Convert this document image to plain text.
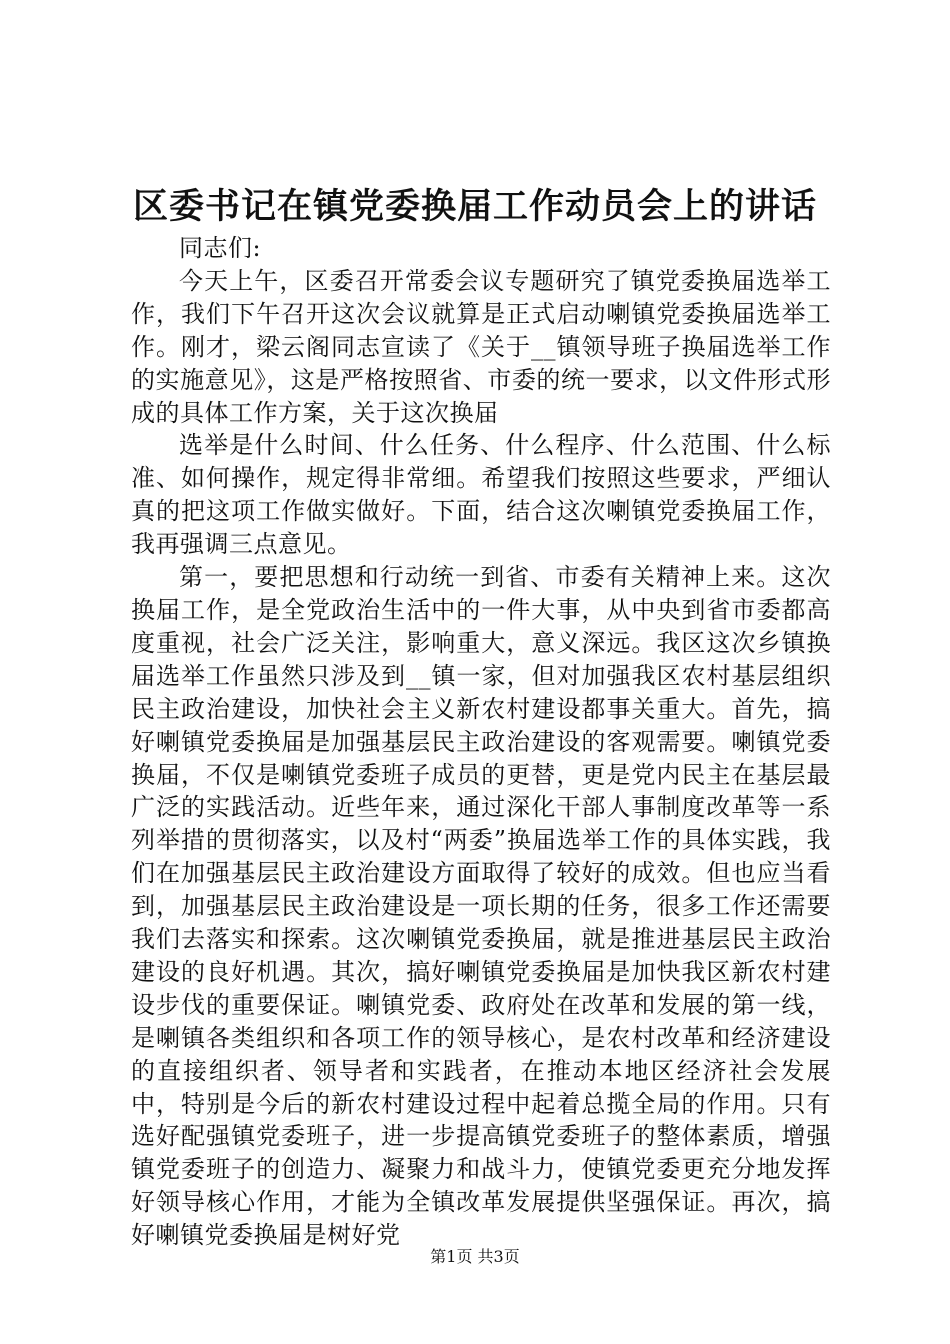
区委书记在镇党委换届工作动员会上的讲话

同志们:

今天上午，区委召开常委会议专题研究了镇党委换届选举工作，我们下午召开这次会议就算是正式启动喇镇党委换届选举工作。刚才，梁云阁同志宣读了《关于__镇领导班子换届选举工作的实施意见》，这是严格按照省、市委的统一要求，以文件形式形成的具体工作方案，关于这次换届

选举是什么时间、什么任务、什么程序、什么范围、什么标准、如何操作，规定得非常细。希望我们按照这些要求，严细认真的把这项工作做实做好。下面，结合这次喇镇党委换届工作，我再强调三点意见。

第一，要把思想和行动统一到省、市委有关精神上来。这次换届工作，是全党政治生活中的一件大事，从中央到省市委都高度重视，社会广泛关注，影响重大，意义深远。我区这次乡镇换届选举工作虽然只涉及到__镇一家，但对加强我区农村基层组织民主政治建设，加快社会主义新农村建设都事关重大。首先，搞好喇镇党委换届是加强基层民主政治建设的客观需要。喇镇党委换届，不仅是喇镇党委班子成员的更替，更是党内民主在基层最广泛的实践活动。近些年来，通过深化干部人事制度改革等一系列举措的贯彻落实，以及村“两委”换届选举工作的具体实践，我们在加强基层民主政治建设方面取得了较好的成效。但也应当看到，加强基层民主政治建设是一项长期的任务，很多工作还需要我们去落实和探索。这次喇镇党委换届，就是推进基层民主政治建设的良好机遇。其次，搞好喇镇党委换届是加快我区新农村建设步伐的重要保证。喇镇党委、政府处在改革和发展的第一线，是喇镇各类组织和各项工作的领导核心，是农村改革和经济建设的直接组织者、领导者和实践者，在推动本地区经济社会发展中，特别是今后的新农村建设过程中起着总揽全局的作用。只有选好配强镇党委班子，进一步提高镇党委班子的整体素质，增强镇党委班子的创造力、凝聚力和战斗力，使镇党委更充分地发挥好领导核心作用，才能为全镇改革发展提供坚强保证。再次，搞好喇镇党委换届是树好党

第1页 共3页
